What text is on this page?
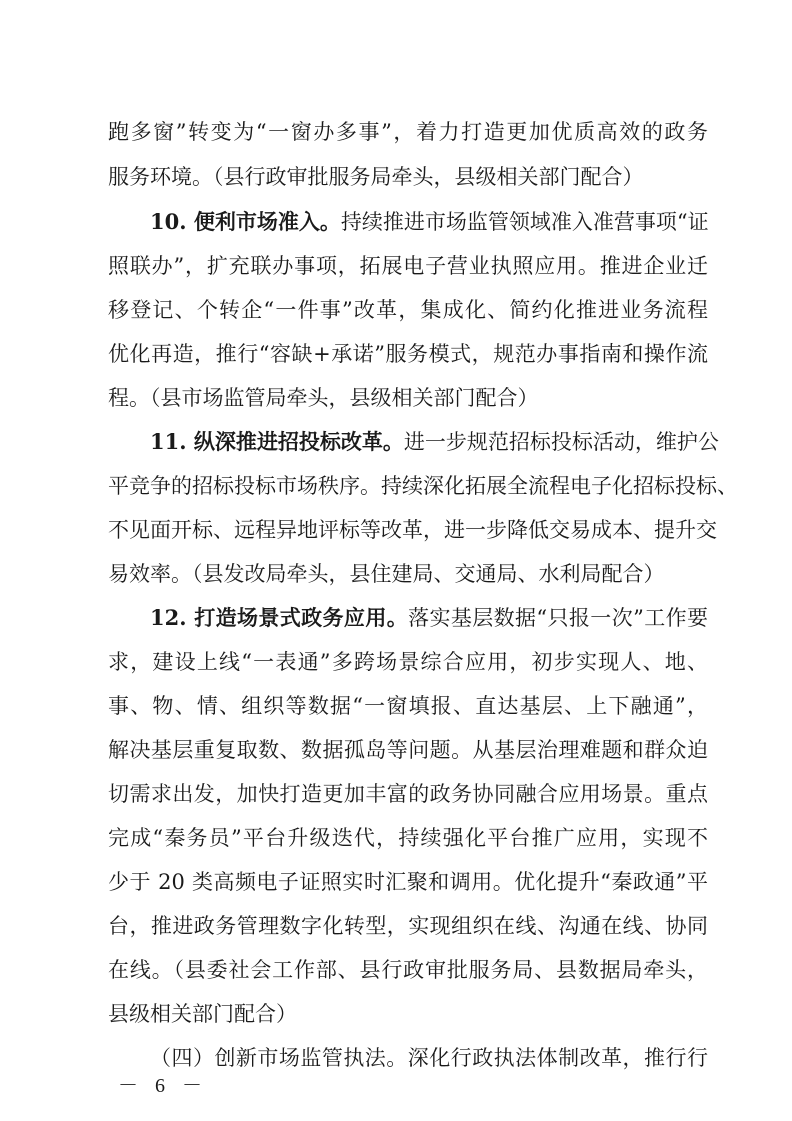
跑多窗”转变为“一窗办多事”，着力打造更加优质高效的政务
服务环境。（县行政审批服务局牵头，县级相关部门配合）
10. 便利市场准入。持续推进市场监管领域准入准营事项“证
照联办”，扩充联办事项，拓展电子营业执照应用。推进企业迁
移登记、个转企“一件事”改革，集成化、简约化推进业务流程
优化再造，推行“容缺+承诺”服务模式，规范办事指南和操作流
程。（县市场监管局牵头，县级相关部门配合）
11. 纵深推进招投标改革。进一步规范招标投标活动，维护公
平竞争的招标投标市场秩序。持续深化拓展全流程电子化招标投标、
不见面开标、远程异地评标等改革，进一步降低交易成本、提升交
易效率。（县发改局牵头，县住建局、交通局、水利局配合）
12. 打造场景式政务应用。落实基层数据“只报一次”工作要
求，建设上线“一表通”多跨场景综合应用，初步实现人、地、
事、物、情、组织等数据“一窗填报、直达基层、上下融通”，
解决基层重复取数、数据孤岛等问题。从基层治理难题和群众迫
切需求出发，加快打造更加丰富的政务协同融合应用场景。重点
完成“秦务员”平台升级迭代，持续强化平台推广应用，实现不
少于 20 类高频电子证照实时汇聚和调用。优化提升“秦政通”平
台，推进政务管理数字化转型，实现组织在线、沟通在线、协同
在线。（县委社会工作部、县行政审批服务局、县数据局牵头，
县级相关部门配合）
（四）创新市场监管执法。深化行政执法体制改革，推行行
－ 6 －
